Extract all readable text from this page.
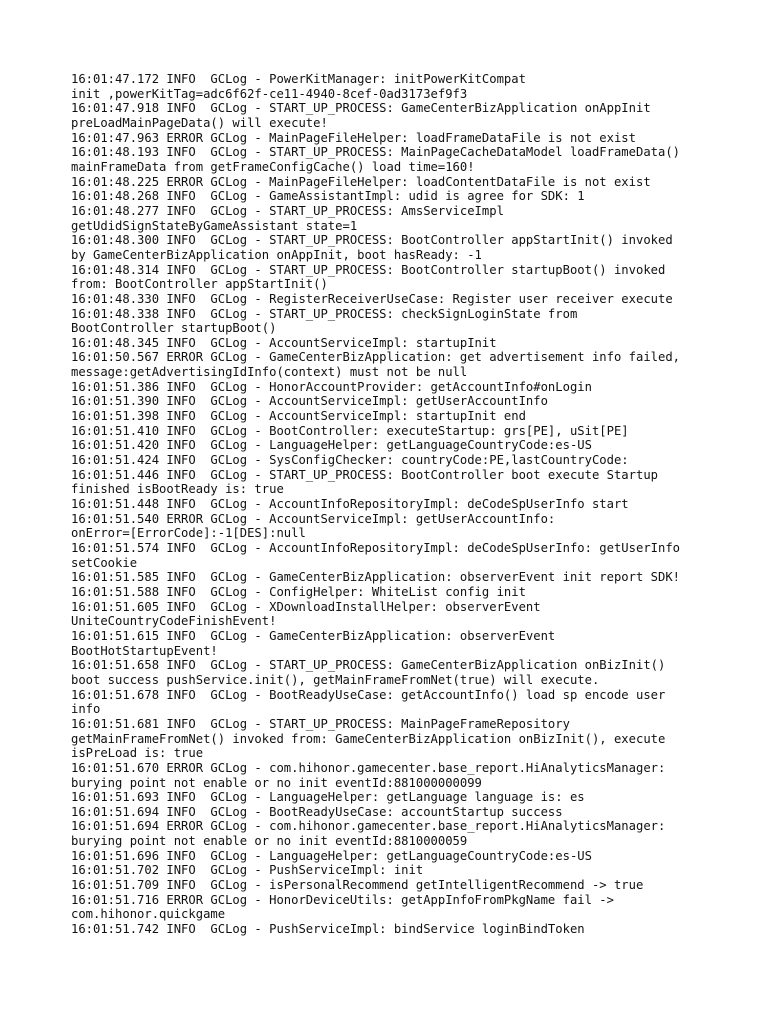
16:01:47.172 INFO  GCLog - PowerKitManager: initPowerKitCompat
init ,powerKitTag=adc6f62f-ce11-4940-8cef-0ad3173ef9f3
16:01:47.918 INFO  GCLog - START_UP_PROCESS: GameCenterBizApplication onAppInit
preLoadMainPageData() will execute!
16:01:47.963 ERROR GCLog - MainPageFileHelper: loadFrameDataFile is not exist
16:01:48.193 INFO  GCLog - START_UP_PROCESS: MainPageCacheDataModel loadFrameData()
mainFrameData from getFrameConfigCache() load time=160!
16:01:48.225 ERROR GCLog - MainPageFileHelper: loadContentDataFile is not exist
16:01:48.268 INFO  GCLog - GameAssistantImpl: udid is agree for SDK: 1
16:01:48.277 INFO  GCLog - START_UP_PROCESS: AmsServiceImpl
getUdidSignStateByGameAssistant state=1
16:01:48.300 INFO  GCLog - START_UP_PROCESS: BootController appStartInit() invoked
by GameCenterBizApplication onAppInit, boot hasReady: -1
16:01:48.314 INFO  GCLog - START_UP_PROCESS: BootController startupBoot() invoked
from: BootController appStartInit()
16:01:48.330 INFO  GCLog - RegisterReceiverUseCase: Register user receiver execute
16:01:48.338 INFO  GCLog - START_UP_PROCESS: checkSignLoginState from
BootController startupBoot()
16:01:48.345 INFO  GCLog - AccountServiceImpl: startupInit
16:01:50.567 ERROR GCLog - GameCenterBizApplication: get advertisement info failed,
message:getAdvertisingIdInfo(context) must not be null
16:01:51.386 INFO  GCLog - HonorAccountProvider: getAccountInfo#onLogin
16:01:51.390 INFO  GCLog - AccountServiceImpl: getUserAccountInfo
16:01:51.398 INFO  GCLog - AccountServiceImpl: startupInit end
16:01:51.410 INFO  GCLog - BootController: executeStartup: grs[PE], uSit[PE]
16:01:51.420 INFO  GCLog - LanguageHelper: getLanguageCountryCode:es-US
16:01:51.424 INFO  GCLog - SysConfigChecker: countryCode:PE,lastCountryCode:
16:01:51.446 INFO  GCLog - START_UP_PROCESS: BootController boot execute Startup
finished isBootReady is: true
16:01:51.448 INFO  GCLog - AccountInfoRepositoryImpl: deCodeSpUserInfo start
16:01:51.540 ERROR GCLog - AccountServiceImpl: getUserAccountInfo:
onError=[ErrorCode]:-1[DES]:null
16:01:51.574 INFO  GCLog - AccountInfoRepositoryImpl: deCodeSpUserInfo: getUserInfo
setCookie
16:01:51.585 INFO  GCLog - GameCenterBizApplication: observerEvent init report SDK!
16:01:51.588 INFO  GCLog - ConfigHelper: WhiteList config init
16:01:51.605 INFO  GCLog - XDownloadInstallHelper: observerEvent
UniteCountryCodeFinishEvent!
16:01:51.615 INFO  GCLog - GameCenterBizApplication: observerEvent
BootHotStartupEvent!
16:01:51.658 INFO  GCLog - START_UP_PROCESS: GameCenterBizApplication onBizInit()
boot success pushService.init(), getMainFrameFromNet(true) will execute.
16:01:51.678 INFO  GCLog - BootReadyUseCase: getAccountInfo() load sp encode user
info
16:01:51.681 INFO  GCLog - START_UP_PROCESS: MainPageFrameRepository
getMainFrameFromNet() invoked from: GameCenterBizApplication onBizInit(), execute
isPreLoad is: true
16:01:51.670 ERROR GCLog - com.hihonor.gamecenter.base_report.HiAnalyticsManager:
burying point not enable or no init eventId:881000000099
16:01:51.693 INFO  GCLog - LanguageHelper: getLanguage language is: es
16:01:51.694 INFO  GCLog - BootReadyUseCase: accountStartup success
16:01:51.694 ERROR GCLog - com.hihonor.gamecenter.base_report.HiAnalyticsManager:
burying point not enable or no init eventId:8810000059
16:01:51.696 INFO  GCLog - LanguageHelper: getLanguageCountryCode:es-US
16:01:51.702 INFO  GCLog - PushServiceImpl: init
16:01:51.709 INFO  GCLog - isPersonalRecommend getIntelligentRecommend -> true
16:01:51.716 ERROR GCLog - HonorDeviceUtils: getAppInfoFromPkgName fail ->
com.hihonor.quickgame
16:01:51.742 INFO  GCLog - PushServiceImpl: bindService loginBindToken
